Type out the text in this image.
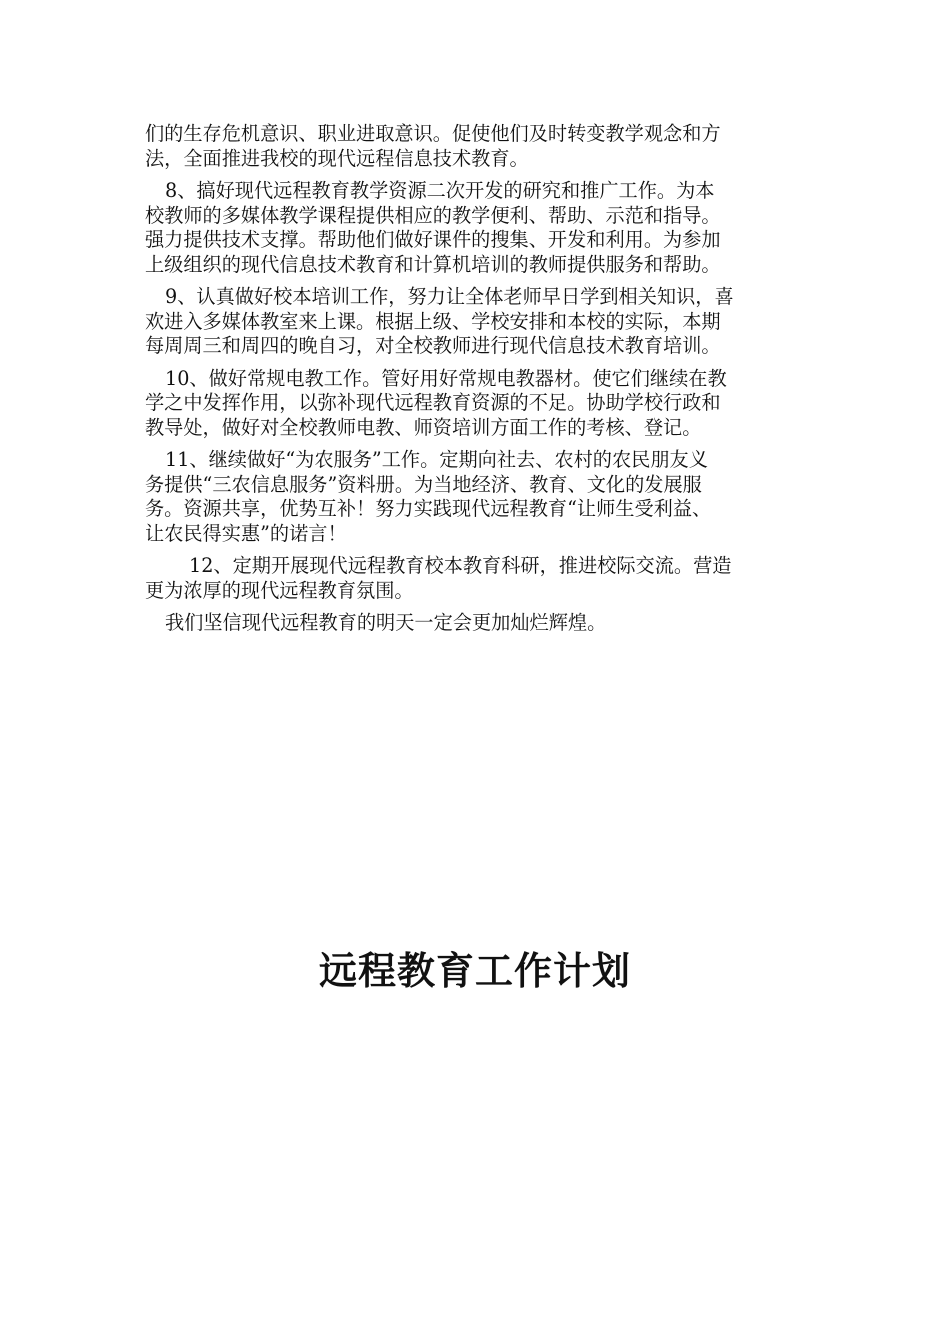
们的生存危机意识、职业进取意识。促使他们及时转变教学观念和方
法，全面推进我校的现代远程信息技术教育。

8、搞好现代远程教育教学资源二次开发的研究和推广工作。为本
校教师的多媒体教学课程提供相应的教学便利、帮助、示范和指导。
强力提供技术支撑。帮助他们做好课件的搜集、开发和利用。为参加
上级组织的现代信息技术教育和计算机培训的教师提供服务和帮助。

9、认真做好校本培训工作，努力让全体老师早日学到相关知识，喜
欢进入多媒体教室来上课。根据上级、学校安排和本校的实际，本期
每周周三和周四的晚自习，对全校教师进行现代信息技术教育培训。

10、做好常规电教工作。管好用好常规电教器材。使它们继续在教
学之中发挥作用，以弥补现代远程教育资源的不足。协助学校行政和
教导处，做好对全校教师电教、师资培训方面工作的考核、登记。

11、继续做好“为农服务”工作。定期向社去、农村的农民朋友义
务提供“三农信息服务”资料册。为当地经济、教育、文化的发展服
务。资源共享，优势互补！努力实践现代远程教育“让师生受利益、
让农民得实惠”的诺言！

12、定期开展现代远程教育校本教育科研，推进校际交流。营造
更为浓厚的现代远程教育氛围。

我们坚信现代远程教育的明天一定会更加灿烂辉煌。

远程教育工作计划
